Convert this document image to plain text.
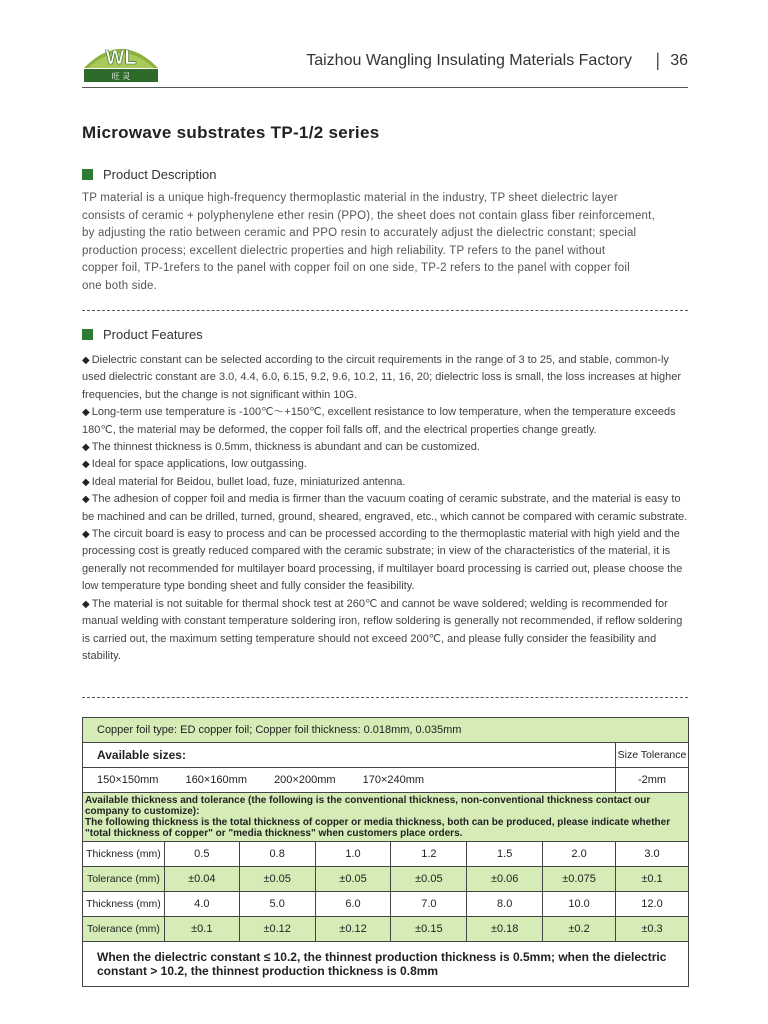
WL
旺 灵
Taizhou Wangling Insulating Materials Factory | 36
Microwave substrates TP-1/2 series
Product Description

TP material is a unique high-frequency thermoplastic material in the industry, TP sheet dielectric layer

consists of ceramic + polyphenylene ether resin (PPO), the sheet does not contain glass fiber reinforcement,

by adjusting the ratio between ceramic and PPO resin to accurately adjust the dielectric constant; special

production process; excellent dielectric properties and high reliability. TP refers to the panel without

copper foil, TP-1refers to the panel with copper foil on one side, TP-2 refers to the panel with copper foil

one both side.

Product Features

◆ Dielectric constant can be selected according to the circuit requirements in the range of 3 to 25, and stable, common-ly used dielectric constant are 3.0, 4.4, 6.0, 6.15, 9.2, 9.6, 10.2, 11, 16, 20; dielectric loss is small, the loss increases at higher frequencies, but the change is not significant within 10G.

◆ Long-term use temperature is -100℃～+150℃, excellent resistance to low temperature, when the temperature exceeds 180℃, the material may be deformed, the copper foil falls off, and the electrical properties change greatly.

◆ The thinnest thickness is 0.5mm, thickness is abundant and can be customized.

◆ Ideal for space applications, low outgassing.

◆ Ideal material for Beidou, bullet load, fuze, miniaturized antenna.

◆ The adhesion of copper foil and media is firmer than the vacuum coating of ceramic substrate, and the material is easy to be machined and can be drilled, turned, ground, sheared, engraved, etc., which cannot be compared with ceramic substrate.

◆ The circuit board is easy to process and can be processed according to the thermoplastic material with high yield and the processing cost is greatly reduced compared with the ceramic substrate; in view of the characteristics of the material, it is generally not recommended for multilayer board processing, if multilayer board processing is carried out, please choose the low temperature type bonding sheet and fully consider the feasibility.

◆ The material is not suitable for thermal shock test at 260℃ and cannot be wave soldered; welding is recommended for manual welding with constant temperature soldering iron, reflow soldering is generally not recommended, if reflow soldering is carried out, the maximum setting temperature should not exceed 200℃, and please fully consider the feasibility and stability.

Copper foil type: ED copper foil; Copper foil thickness: 0.018mm, 0.035mm							
Available sizes:							Size Tolerance
150×150mm 160×160mm 200×200mm 170×240mm							-2mm

Available thickness and tolerance (the following is the conventional thickness, non-conventional thickness contact our company to customize):
The following thickness is the total thickness of copper or media thickness, both can be produced, please indicate whether "total thickness of copper" or "media thickness" when customers place orders.							

Thickness (mm)	0.5	0.8	1.0	1.2	1.5	2.0	3.0
Tolerance (mm)	±0.04	±0.05	±0.05	±0.05	±0.06	±0.075	±0.1
Thickness (mm)	4.0	5.0	6.0	7.0	8.0	10.0	12.0
Tolerance (mm)	±0.1	±0.12	±0.12	±0.15	±0.18	±0.2	±0.3
When the dielectric constant ≤ 10.2, the thinnest production thickness is 0.5mm; when the dielectric constant > 10.2, the thinnest production thickness is 0.8mm							
